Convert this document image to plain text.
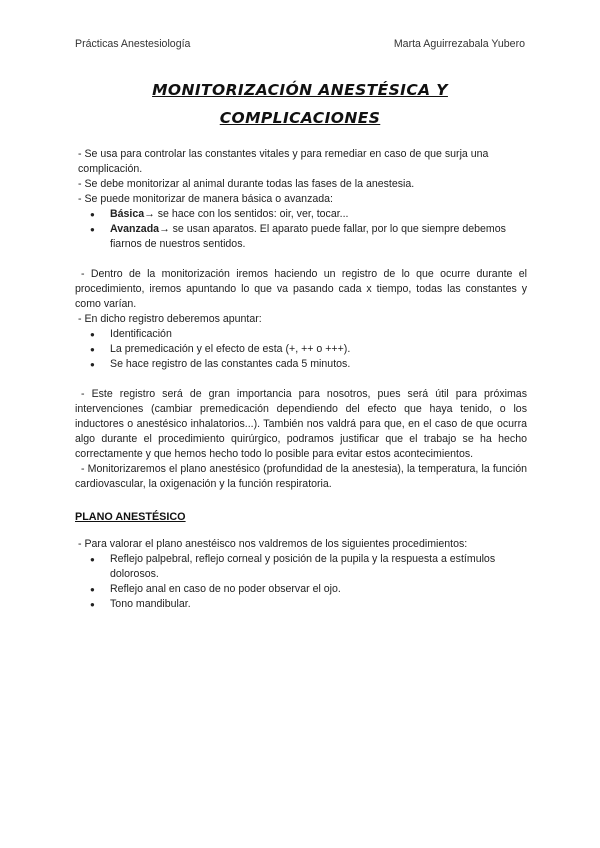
Prácticas Anestesiología	Marta Aguirrezabala Yubero
MONITORIZACIÓN ANESTÉSICA Y
COMPLICACIONES

- Se usa para controlar las constantes vitales y para remediar en caso de que surja una complicación.

- Se debe monitorizar al animal durante todas las fases de la anestesia.

- Se puede monitorizar de manera básica o avanzada:

● Básica→ se hace con los sentidos: oir, ver, tocar...
● Avanzada→ se usan aparatos. El aparato puede fallar, por lo que siempre debemos fiarnos de nuestros sentidos.

- Dentro de la monitorización iremos haciendo un registro de lo que ocurre durante el procedimiento, iremos apuntando lo que va pasando cada x tiempo, todas las constantes y como varían.

- En dicho registro deberemos apuntar:

● Identificación
● La premedicación y el efecto de esta (+, ++ o +++).
● Se hace registro de las constantes cada 5 minutos.

- Este registro será de gran importancia para nosotros, pues será útil para próximas intervenciones (cambiar premedicación dependiendo del efecto que haya tenido, o los inductores o anestésico inhalatorios...). También nos valdrá para que, en el caso de que ocurra algo durante el procedimiento quirúrgico, podramos justificar que el trabajo se ha hecho correctamente y que hemos hecho todo lo posible para evitar estos acontecimientos.

- Monitorizaremos el plano anestésico (profundidad de la anestesia), la temperatura, la función cardiovascular, la oxigenación y la función respiratoria.

PLANO ANESTÉSICO

- Para valorar el plano anestéisco nos valdremos de los siguientes procedimientos:

● Reflejo palpebral, reflejo corneal y posición de la pupila y la respuesta a estímulos dolorosos.
● Reflejo anal en caso de no poder observar el ojo.
● Tono mandibular.
